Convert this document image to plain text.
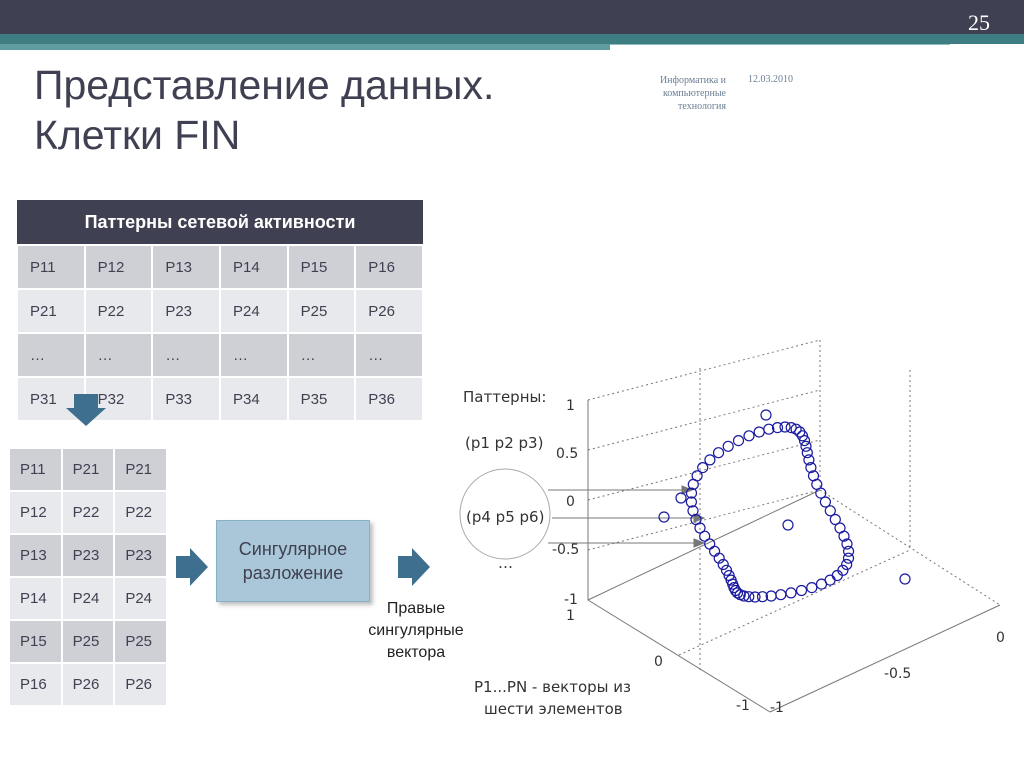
25
Представление данных.
Клетки FIN
Информатика и компьютерные технология
12.03.2010
Паттерны сетевой активности					
P11	P12	P13	P14	P15	P16
P21	P22	P23	P24	P25	P26
…	…	…	…	…	…
P31	P32	P33	P34	P35	P36
P11	P21	P21
P12	P22	P22
P13	P23	P23
P14	P24	P24
P15	P25	P25
P16	P26	P26
Сингулярное
разложение
Правые
сингулярные
вектора
1
0.5
0
-0.5
-1
1
0
-1
0
-0.5
-1
Паттерны:
(p1 p2 p3)
(p4 p5 p6)
…
P1...PN - векторы из
шести элементов
